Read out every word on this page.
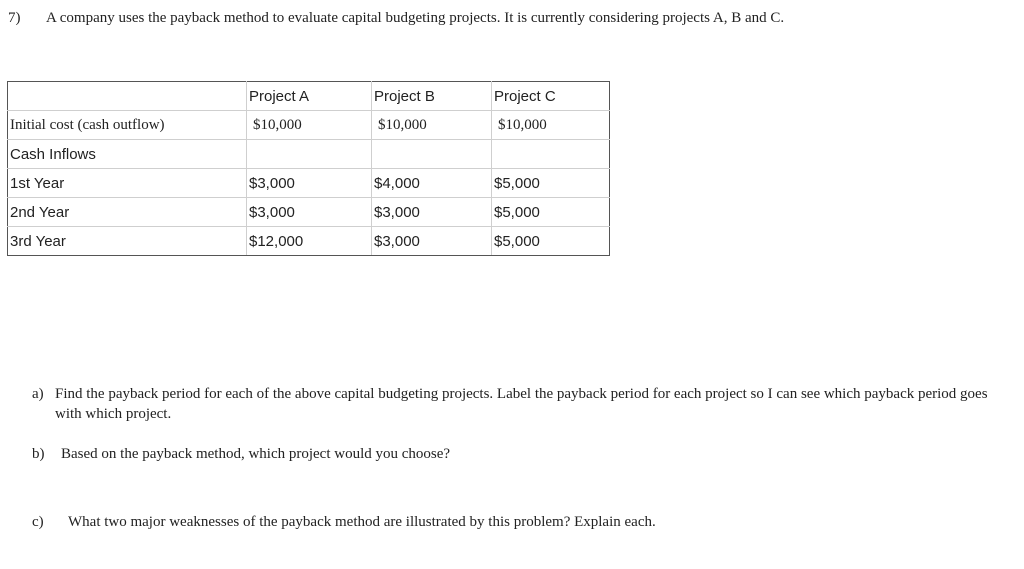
7) A company uses the payback method to evaluate capital budgeting projects. It is currently considering projects A, B and C.
	Project A	Project B	Project C
Initial cost (cash outflow)	$10,000	$10,000	$10,000
Cash Inflows			
1st Year	$3,000	$4,000	$5,000
2nd Year	$3,000	$3,000	$5,000
3rd Year	$12,000	$3,000	$5,000
a) Find the payback period for each of the above capital budgeting projects. Label the payback period for each project so I can see which payback period goes with which project.
b) Based on the payback method, which project would you choose?
c) What two major weaknesses of the payback method are illustrated by this problem? Explain each.
